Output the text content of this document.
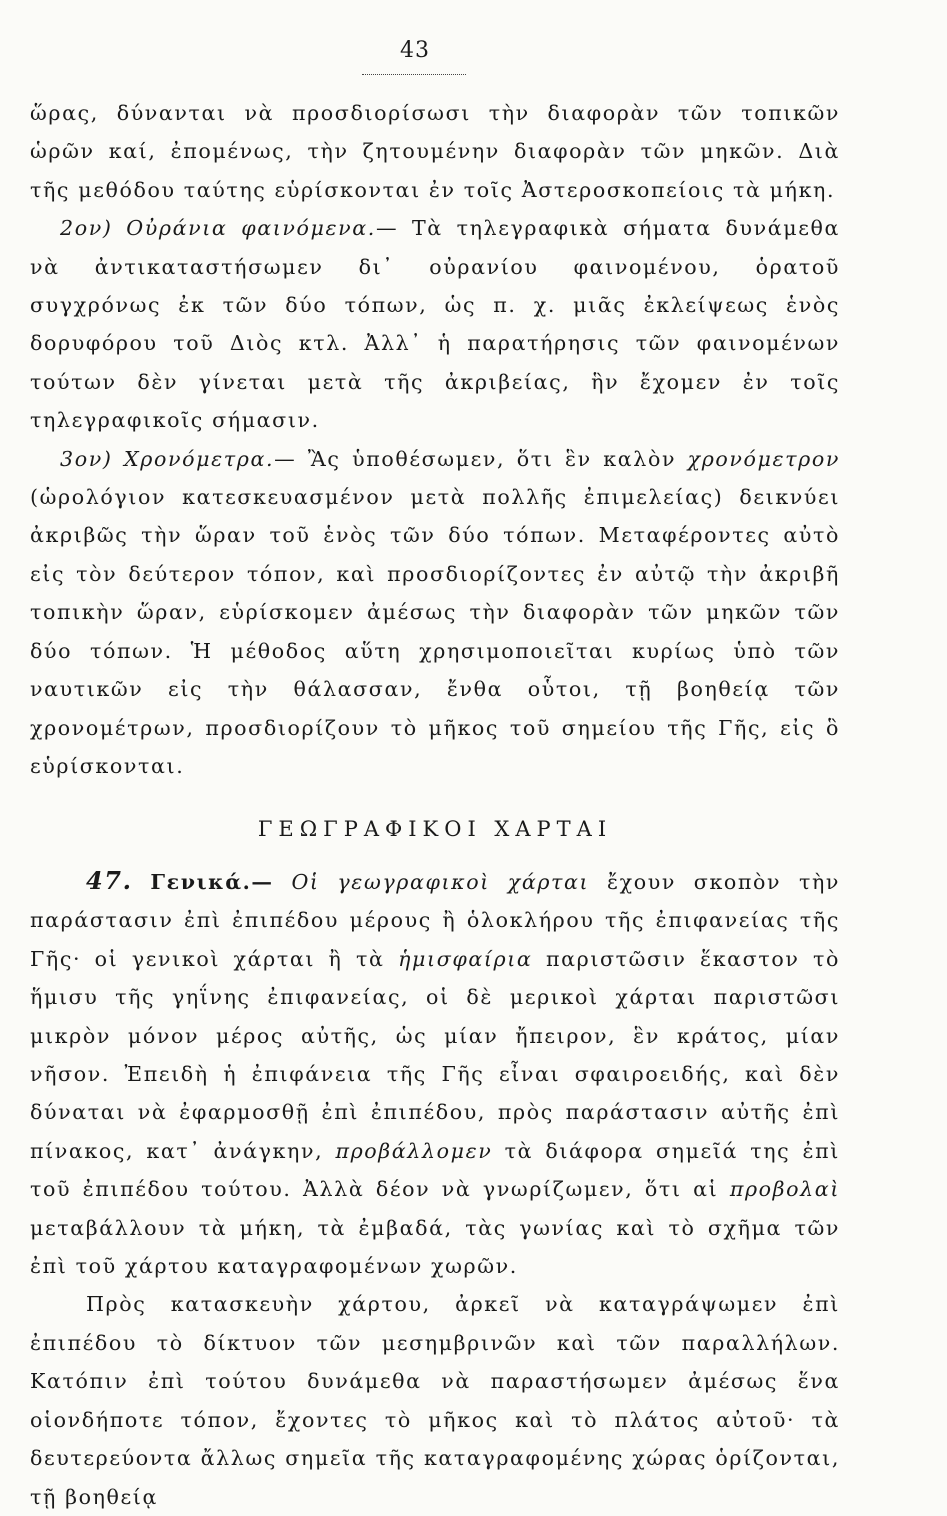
43

ὥρας, δύνανται νὰ προσδιορίσωσι τὴν διαφορὰν τῶν τοπικῶν ὡρῶν καί, ἐπομένως, τὴν ζητουμένην διαφορὰν τῶν μηκῶν. Διὰ τῆς μεθόδου ταύτης εὑρίσκονται ἐν τοῖς Ἀστεροσκοπείοις τὰ μήκη.

2ον) Οὐράνια φαινόμενα.— Τὰ τηλεγραφικὰ σήματα δυνάμεθα νὰ ἀντικαταστήσωμεν δι᾽ οὐρανίου φαινομένου, ὁρατοῦ συγχρόνως ἐκ τῶν δύο τόπων, ὡς π. χ. μιᾶς ἐκλείψεως ἑνὸς δορυφόρου τοῦ Διὸς κτλ. Ἀλλ᾽ ἡ παρατήρησις τῶν φαινομένων τούτων δὲν γίνεται μετὰ τῆς ἀκριβείας, ἣν ἔχομεν ἐν τοῖς τηλεγραφικοῖς σήμασιν.

3ον) Χρονόμετρα.— Ἂς ὑποθέσωμεν, ὅτι ἓν καλὸν χρονόμετρον (ὡρολόγιον κατεσκευασμένον μετὰ πολλῆς ἐπιμελείας) δεικνύει ἀκριβῶς τὴν ὥραν τοῦ ἑνὸς τῶν δύο τόπων. Μεταφέροντες αὐτὸ εἰς τὸν δεύτερον τόπον, καὶ προσδιορίζοντες ἐν αὐτῷ τὴν ἀκριβῆ τοπικὴν ὥραν, εὑρίσκομεν ἀμέσως τὴν διαφορὰν τῶν μηκῶν τῶν δύο τόπων. Ἡ μέθοδος αὕτη χρησιμοποιεῖται κυρίως ὑπὸ τῶν ναυτικῶν εἰς τὴν θάλασσαν, ἔνθα οὗτοι, τῇ βοηθείᾳ τῶν χρονομέτρων, προσδιορίζουν τὸ μῆκος τοῦ σημείου τῆς Γῆς, εἰς ὃ εὑρίσκονται.

ΓΕΩΓΡΑΦΙΚΟΙ ΧΑΡΤΑΙ

47. Γενικά.— Οἱ γεωγραφικοὶ χάρται ἔχουν σκοπὸν τὴν παράστασιν ἐπὶ ἐπιπέδου μέρους ἢ ὁλοκλήρου τῆς ἐπιφανείας τῆς Γῆς· οἱ γενικοὶ χάρται ἢ τὰ ἡμισφαίρια παριστῶσιν ἕκαστον τὸ ἥμισυ τῆς γηΐνης ἐπιφανείας, οἱ δὲ μερικοὶ χάρται παριστῶσι μικρὸν μόνον μέρος αὐτῆς, ὡς μίαν ἤπειρον, ἓν κράτος, μίαν νῆσον. Ἐπειδὴ ἡ ἐπιφάνεια τῆς Γῆς εἶναι σφαιροειδής, καὶ δὲν δύναται νὰ ἐφαρμοσθῇ ἐπὶ ἐπιπέδου, πρὸς παράστασιν αὐτῆς ἐπὶ πίνακος, κατ᾽ ἀνάγκην, προβάλλομεν τὰ διάφορα σημεῖά της ἐπὶ τοῦ ἐπιπέδου τούτου. Ἀλλὰ δέον νὰ γνωρίζωμεν, ὅτι αἱ προβολαὶ μεταβάλλουν τὰ μήκη, τὰ ἐμβαδά, τὰς γωνίας καὶ τὸ σχῆμα τῶν ἐπὶ τοῦ χάρτου καταγραφομένων χωρῶν.

Πρὸς κατασκευὴν χάρτου, ἀρκεῖ νὰ καταγράψωμεν ἐπὶ ἐπιπέδου τὸ δίκτυον τῶν μεσημβρινῶν καὶ τῶν παραλλήλων. Κατόπιν ἐπὶ τούτου δυνάμεθα νὰ παραστήσωμεν ἀμέσως ἕνα οἱονδήποτε τόπον, ἔχοντες τὸ μῆκος καὶ τὸ πλάτος αὐτοῦ· τὰ δευτερεύοντα ἄλλως σημεῖα τῆς καταγραφομένης χώρας ὁρίζονται, τῇ βοηθείᾳ
